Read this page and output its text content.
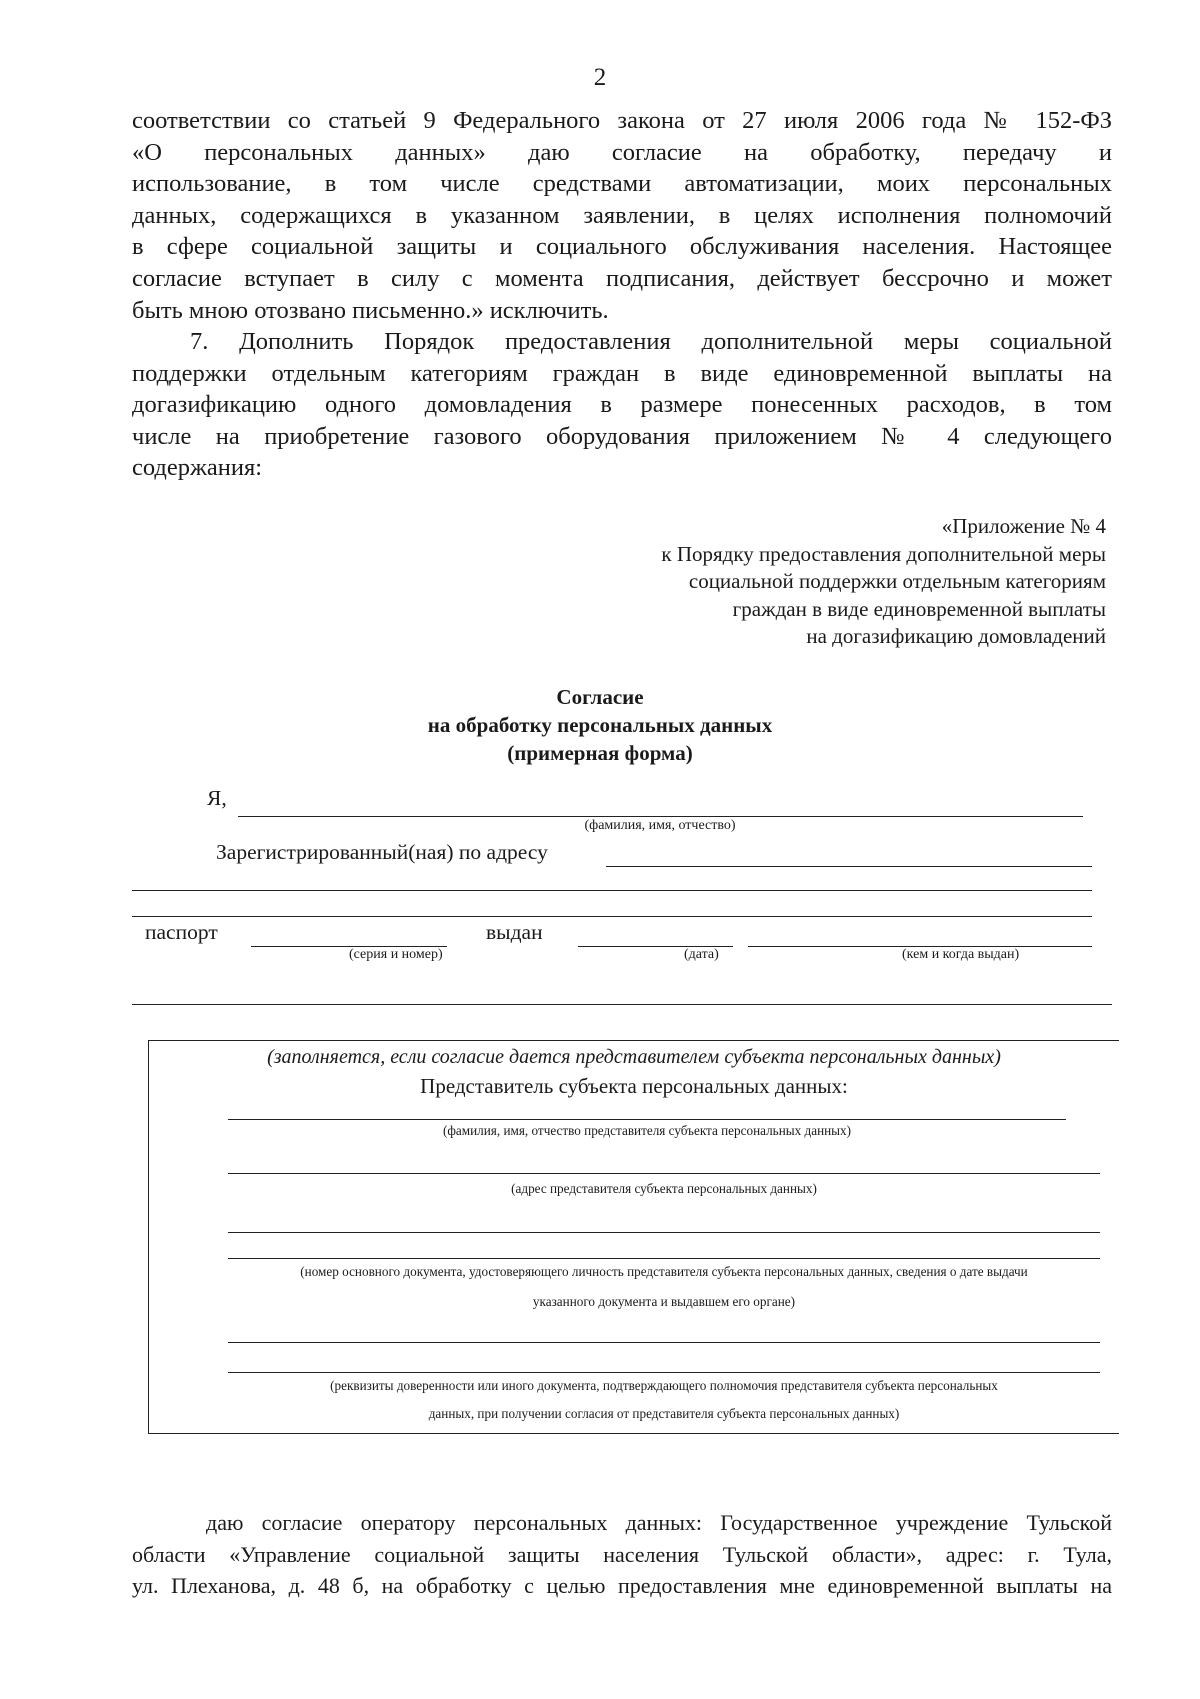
2
соответствии со статьей 9 Федерального закона от 27 июля 2006 года № 152-ФЗ
«О персональных данных» даю согласие на обработку, передачу и
использование, в том числе средствами автоматизации, моих персональных
данных, содержащихся в указанном заявлении, в целях исполнения полномочий
в сфере социальной защиты и социального обслуживания населения. Настоящее
согласие вступает в силу с момента подписания, действует бессрочно и может
быть мною отозвано письменно.» исключить.
7. Дополнить Порядок предоставления дополнительной меры социальной
поддержки отдельным категориям граждан в виде единовременной выплаты на
догазификацию одного домовладения в размере понесенных расходов, в том
числе на приобретение газового оборудования приложением № 4 следующего
содержания:
«Приложение № 4
к Порядку предоставления дополнительной меры
социальной поддержки отдельным категориям
граждан в виде единовременной выплаты
на догазификацию домовладений
Согласие
на обработку персональных данных
(примерная форма)
Я,
(фамилия, имя, отчество)
Зарегистрированный(ная) по адресу
паспорт	выдан
(серия и номер)	(дата)	(кем и когда выдан)
(заполняется, если согласие дается представителем субъекта персональных данных)
Представитель субъекта персональных данных:
(фамилия, имя, отчество представителя субъекта персональных данных)
(адрес представителя субъекта персональных данных)
(номер основного документа, удостоверяющего личность представителя субъекта персональных данных, сведения о дате выдачи
указанного документа и выдавшем его органе)
(реквизиты доверенности или иного документа, подтверждающего полномочия представителя субъекта персональных
данных, при получении согласия от представителя субъекта персональных данных)
даю согласие оператору персональных данных: Государственное учреждение Тульской
области «Управление социальной защиты населения Тульской области», адрес: г. Тула,
ул. Плеханова, д. 48 б, на обработку с целью предоставления мне единовременной выплаты на
